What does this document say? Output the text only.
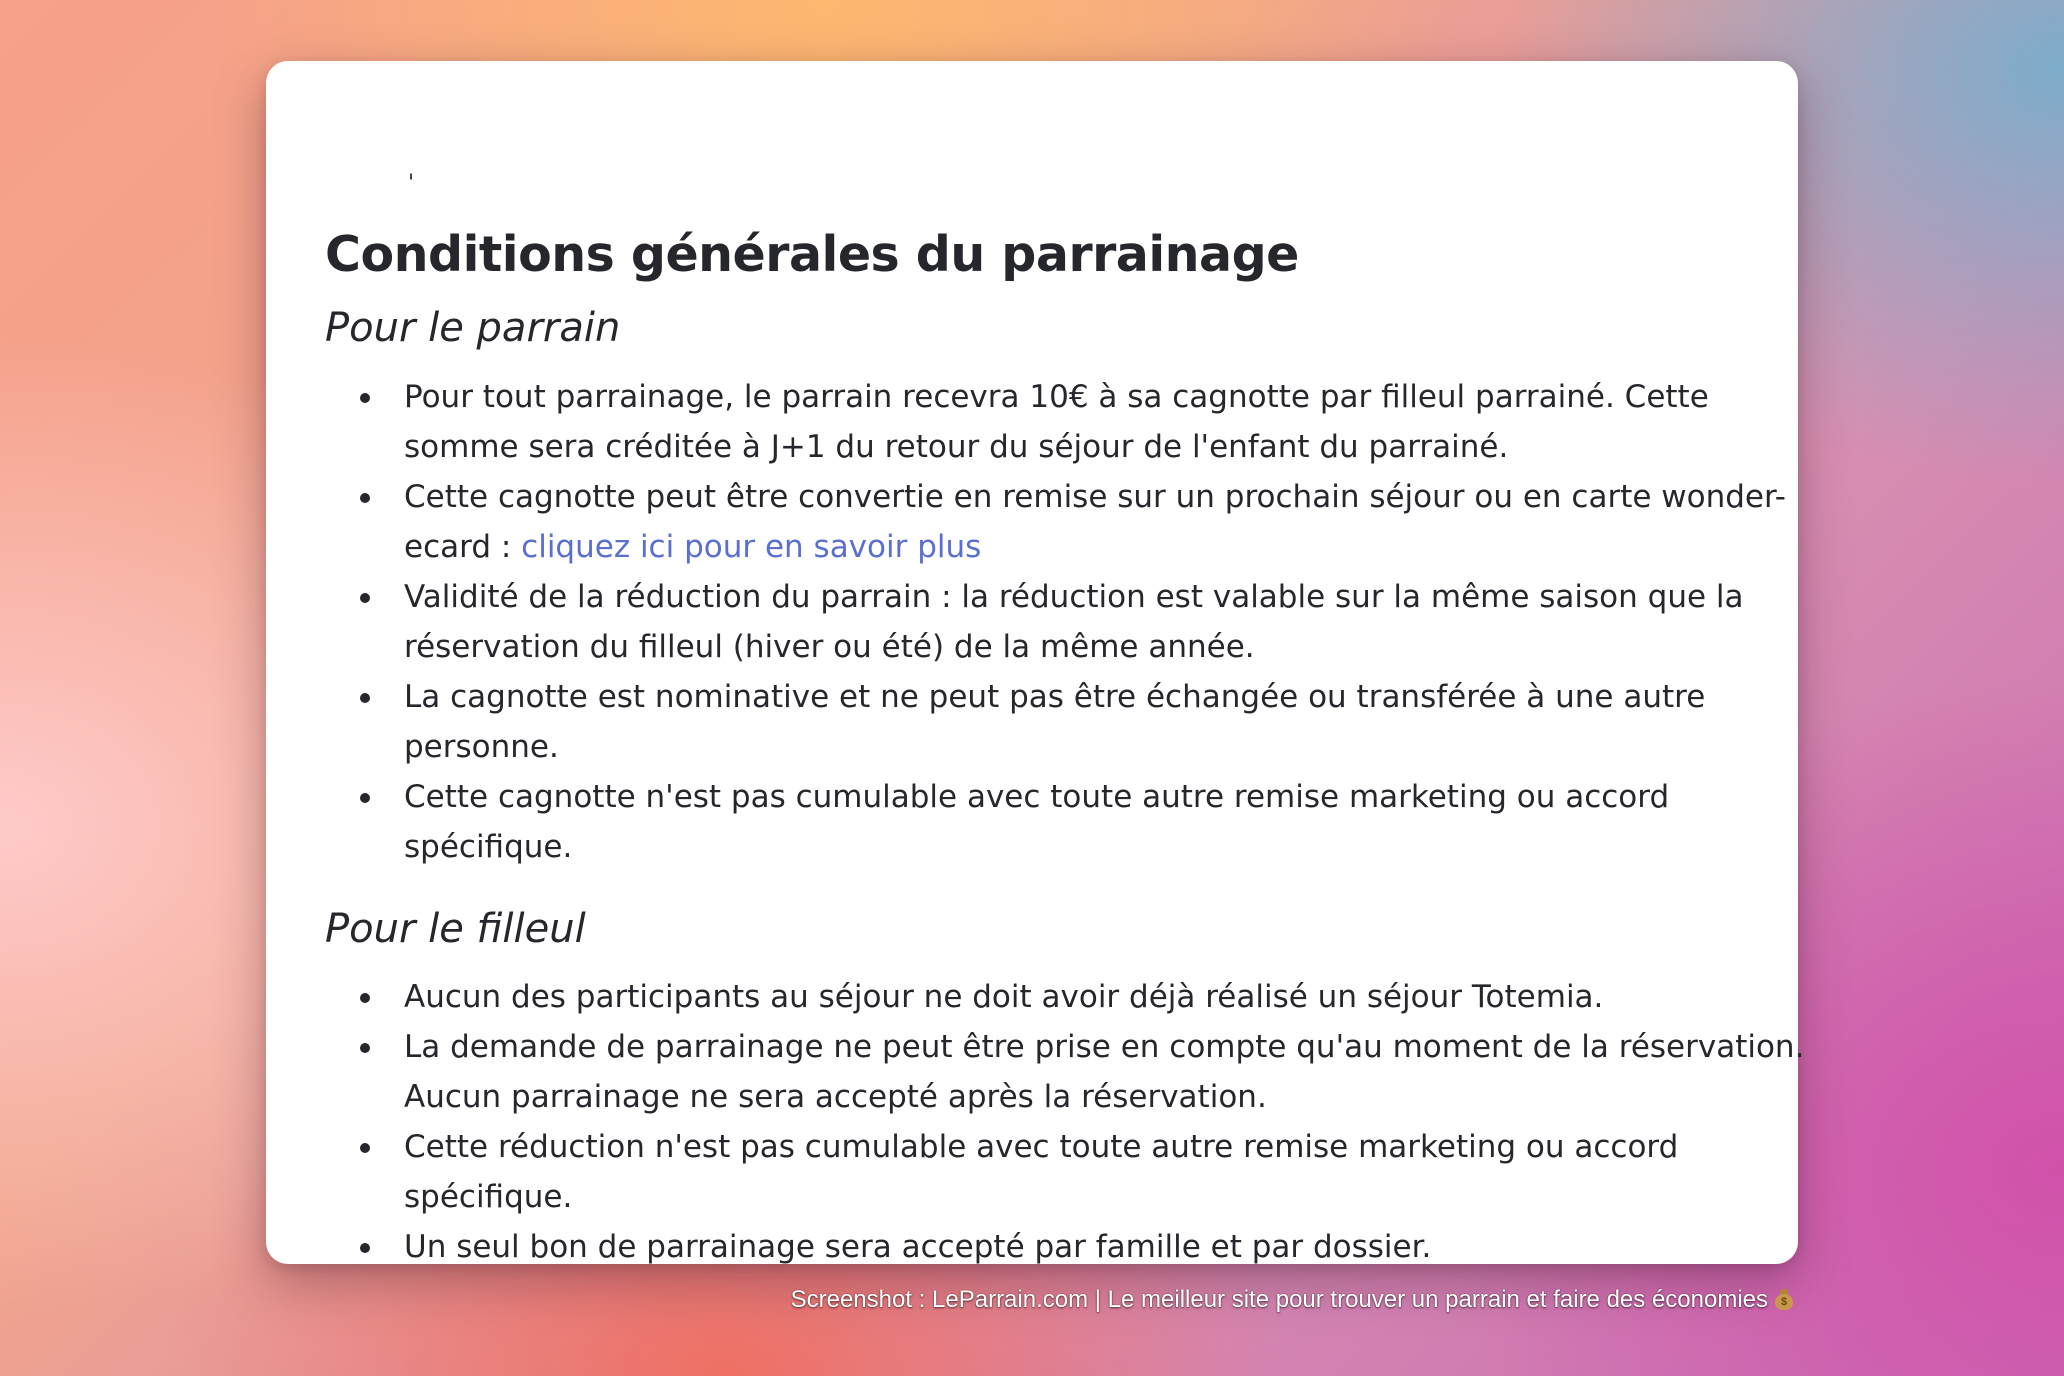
'
Conditions générales du parrainage
Pour le parrain
Pour tout parrainage, le parrain recevra 10€ à sa cagnotte par filleul parrainé. Cette somme sera créditée à J+1 du retour du séjour de l'enfant du parrainé.
Cette cagnotte peut être convertie en remise sur un prochain séjour ou en carte wonder-ecard : cliquez ici pour en savoir plus
Validité de la réduction du parrain : la réduction est valable sur la même saison que la réservation du filleul (hiver ou été) de la même année.
La cagnotte est nominative et ne peut pas être échangée ou transférée à une autre personne.
Cette cagnotte n'est pas cumulable avec toute autre remise marketing ou accord spécifique.
Pour le filleul
Aucun des participants au séjour ne doit avoir déjà réalisé un séjour Totemia.
La demande de parrainage ne peut être prise en compte qu'au moment de la réservation. Aucun parrainage ne sera accepté après la réservation.
Cette réduction n'est pas cumulable avec toute autre remise marketing ou accord spécifique.
Un seul bon de parrainage sera accepté par famille et par dossier.
Screenshot : LeParrain.com | Le meilleur site pour trouver un parrain et faire des économies	$
